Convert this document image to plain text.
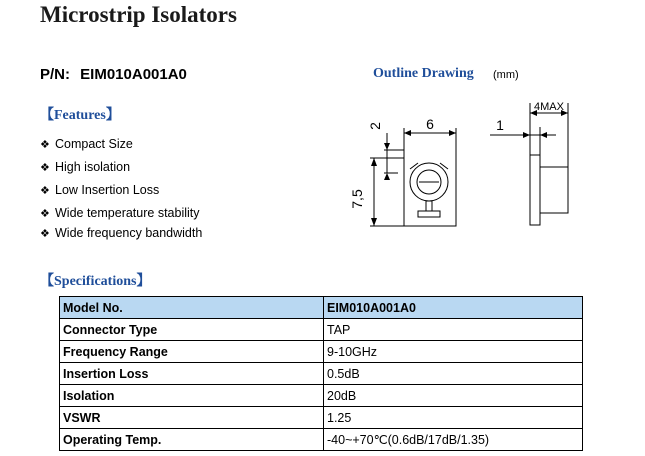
Microstrip Isolators
P/N: EIM010A001A0	Outline Drawing (mm)
【Features】
❖ Compact Size
❖ High isolation
❖ Low Insertion Loss
❖ Wide temperature stability
❖ Wide frequency bandwidth
7,5
2	6	1
4MAX
【Specifications】
Model No.	EIM010A001A0
Connector Type	TAP
Frequency Range	9-10GHz
Insertion Loss	0.5dB
Isolation	20dB
VSWR	1.25
Operating Temp.	-40~+70℃(0.6dB/17dB/1.35)
